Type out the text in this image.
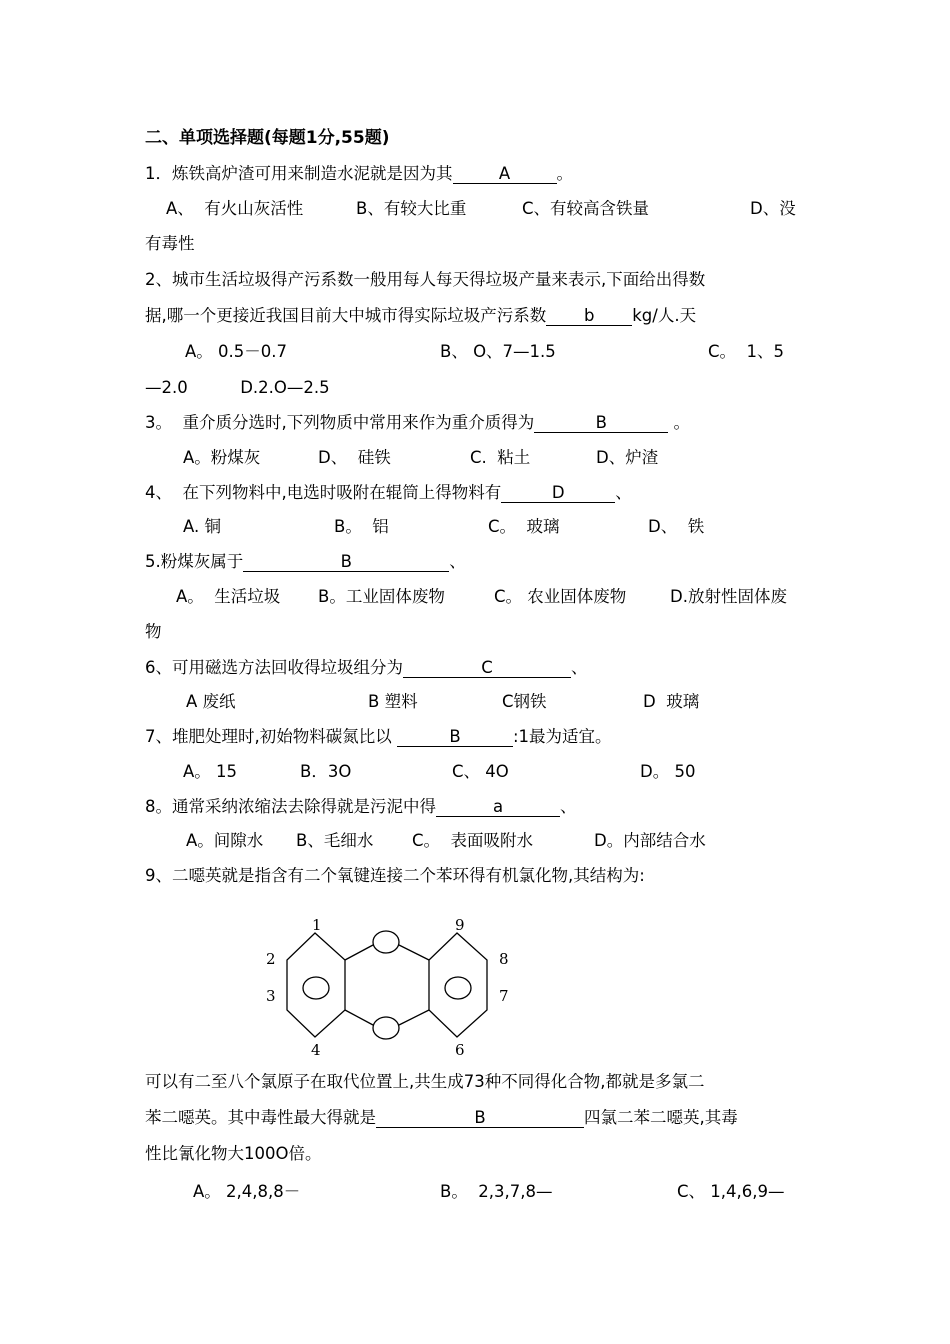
二、单项选择题(每题1分,55题)
1．炼铁高炉渣可用来制造水泥就是因为其	A	。
A、  有火山灰活性	B、有较大比重	C、有较高含铁量	D、没
有毒性
2、城市生活垃圾得产污系数一般用每人每天得垃圾产量来表示,下面给出得数
据,哪一个更接近我国目前大中城市得实际垃圾产污系数 b kg/人.天
A。 0.5－0.7	B、 O、7—1.5	C。  1、5
—2.0          D.2.O—2.5
3。  重介质分选时,下列物质中常用来作为重介质得为	B	。
A。粉煤灰	D、  硅铁	C.  粘土	D、炉渣
4、  在下列物料中,电选时吸附在辊筒上得物料有	D	、
A. 铜	B。  铝	C。  玻璃	D、  铁
5.粉煤灰属于	B	、
A。  生活垃圾 B。工业固体废物	C。 农业固体废物	D.放射性固体废
物
6、可用磁选方法回收得垃圾组分为	C	、
A 废纸	B 塑料	C钢铁	D  玻璃
7、堆肥处理时,初始物料碳氮比以	B	:1最为适宜。
A。 15	B．3O	C、 4O	D。 50
8。通常采纳浓缩法去除得就是污泥中得	a	、
A。间隙水 B、毛细水 C。  表面吸附水	D。内部结合水
9、二噁英就是指含有二个氧键连接二个苯环得有机氯化物,其结构为:
1	9
2	8
3	7
4	6
可以有二至八个氯原子在取代位置上,共生成73种不同得化合物,都就是多氯二
苯二噁英。其中毒性最大得就是	B	四氯二苯二噁英,其毒
性比氰化物大100O倍。
A。 2,4,8,8－	B。  2,3,7,8—	C、 1,4,6,9—
